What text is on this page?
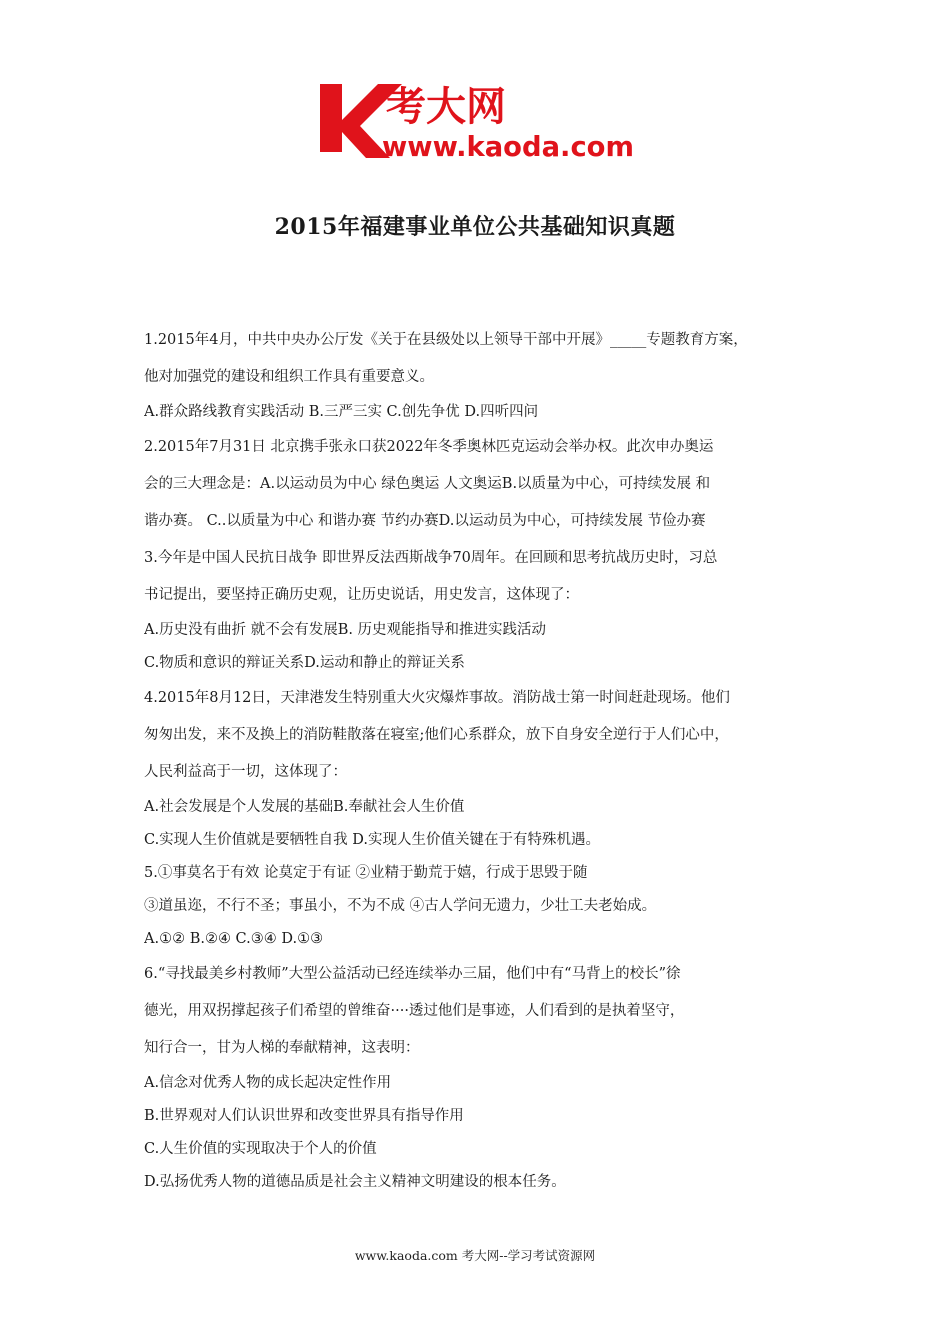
考大网
www.kaoda.com
2015年福建事业单位公共基础知识真题

1.2015年4月，中共中央办公厅发《关于在县级处以上领导干部中开展》_____专题教育方案，

他对加强党的建设和组织工作具有重要意义。

A.群众路线教育实践活动 B.三严三实 C.创先争优 D.四听四问

2.2015年7月31日 北京携手张永口获2022年冬季奥林匹克运动会举办权。此次申办奥运

会的三大理念是：A.以运动员为中心 绿色奥运 人文奥运B.以质量为中心，可持续发展 和

谐办赛。 C..以质量为中心 和谐办赛 节约办赛D.以运动员为中心，可持续发展 节俭办赛

3.今年是中国人民抗日战争 即世界反法西斯战争70周年。在回顾和思考抗战历史时，习总

书记提出，要坚持正确历史观，让历史说话，用史发言，这体现了：

A.历史没有曲折 就不会有发展B. 历史观能指导和推进实践活动

C.物质和意识的辩证关系D.运动和静止的辩证关系

4.2015年8月12日，天津港发生特别重大火灾爆炸事故。消防战士第一时间赶赴现场。他们

匆匆出发，来不及换上的消防鞋散落在寝室;他们心系群众，放下自身安全逆行于人们心中，

人民利益高于一切，这体现了：

A.社会发展是个人发展的基础B.奉献社会人生价值

C.实现人生价值就是要牺牲自我 D.实现人生价值关键在于有特殊机遇。

5.①事莫名于有效 论莫定于有证 ②业精于勤荒于嬉，行成于思毁于随

③道虽迩，不行不圣；事虽小，不为不成 ④古人学问无遗力，少壮工夫老始成。

A.①② B.②④ C.③④ D.①③

6.“寻找最美乡村教师”大型公益活动已经连续举办三届，他们中有“马背上的校长”徐

德光，用双拐撑起孩子们希望的曾维奋····透过他们是事迹，人们看到的是执着坚守，

知行合一，甘为人梯的奉献精神，这表明：

A.信念对优秀人物的成长起决定性作用

B.世界观对人们认识世界和改变世界具有指导作用

C.人生价值的实现取决于个人的价值

D.弘扬优秀人物的道德品质是社会主义精神文明建设的根本任务。

www.kaoda.com 考大网--学习考试资源网
